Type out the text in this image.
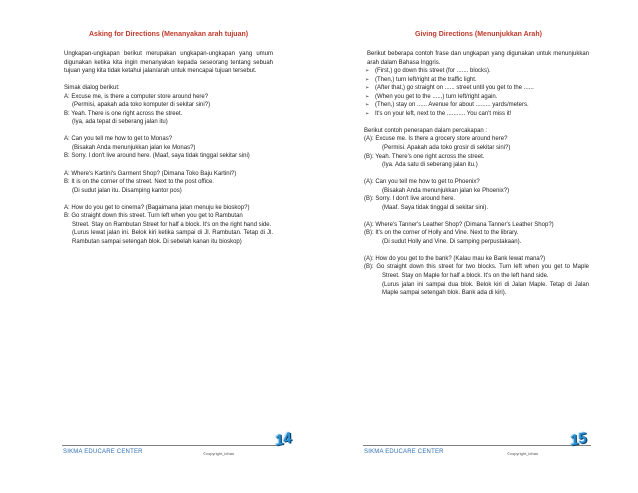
Asking for Directions (Menanyakan arah tujuan)

Ungkapan-ungkapan berikut merupakan ungkapan-ungkapan yang umum digunakan ketika kita ingin menanyakan kepada seseorang tentang sebuah tujuan yang kita tidak ketahui jalan/arah untuk mencapai tujuan tersebut.

Simak dialog berikut:
A: Excuse me, is there a computer store around here?
(Permisi, apakah ada toko komputer di sekitar sini?)
B: Yeah. There is one right across the street.
(Iya, ada tepat di seberang jalan itu)
A: Can you tell me how to get to Monas?
(Bisakah Anda menunjukkan jalan ke Monas?)
B: Sorry. I don't live around here. (Maaf, saya tidak tinggal sekitar sini)
A: Where's Kartini's Garment Shop? (Dimana Toko Baju Kartini?)
B: It is on the corner of the street. Next to the post office.
(Di sudut jalan itu. Disamping kantor pos)
A: How do you get to cinema? (Bagaimana jalan menuju ke bioskop?)
B: Go straight down this street. Turn left when you get to Rambutan
Street. Stay on Rambutan Street for half a block. It's on the right hand side.
(Lurus lewat jalan ini. Belok kiri ketika sampai di Jl. Rambutan. Tetap di Jl. Rambutan sampai setengah blok. Di sebelah kanan itu bioskop)
SIKMA EDUCARE CENTER	©copyright_idhan
14
Giving Directions (Menunjukkan Arah)

Berikut beberapa contoh frase dan ungkapan yang digunakan untuk menunjukkan arah dalam Bahasa Inggris.

➢ (First,) go down this street (for ....... blocks).
➢ (Then,) turn left/right at the traffic light.
➢ (After that,) go straight on ...... street until you get to the ......
➢ (When you get to the .....,) turn left/right again.
➢ (Then,) stay on ...... Avenue for about ......... yards/meters.
➢ It's on your left, next to the ........... You can't miss it!
Berikut contoh penerapan dalam percakapan :
(A): Excuse me. Is there a grocery store around here?
(Permisi. Apakah ada toko grosir di sekitar sini?)
(B): Yeah. There's one right across the street.
(Iya. Ada satu di seberang jalan itu.)
(A): Can you tell me how to get to Phoenix?
(Bisakah Anda menunjukkan jalan ke Phoenix?)
(B): Sorry. I don't live around here.
(Maaf. Saya tidak tinggal di sekitar sini).
(A): Where's Tanner's Leather Shop? (Dimana Tanner's Leather Shop?)
(B): It's on the corner of Holly and Vine. Next to the library.
(Di sudut Holly and Vine. Di samping perpustakaan).
(A): How do you get to the bank? (Kalau mau ke Bank lewat mana?)

(B): Go straight down this street for two blocks. Turn left when you get to Maple Street. Stay on Maple for half a block. It's on the left hand side.

(Lurus jalan ini sampai dua blok. Belok kiri di Jalan Maple. Tetap di Jalan Maple sampai setengah blok. Bank ada di kiri).

SIKMA EDUCARE CENTER	©copyright_idhan
15
